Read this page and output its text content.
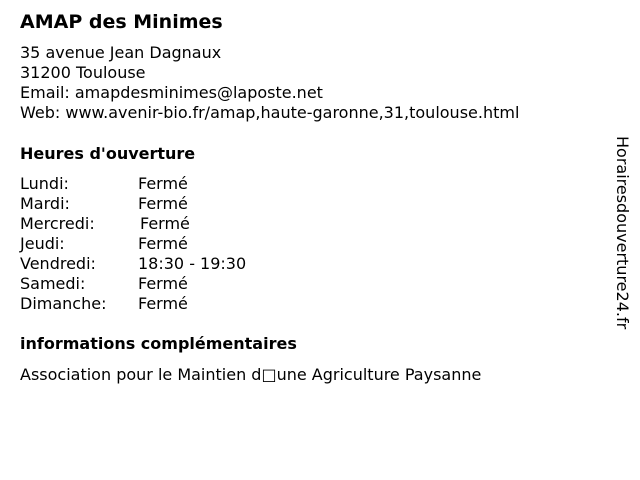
AMAP des Minimes
35 avenue Jean Dagnaux
31200 Toulouse
Email: amapdesminimes@laposte.net
Web: www.avenir-bio.fr/amap,haute-garonne,31,toulouse.html
Heures d'ouverture
Lundi:	Fermé
Mardi:	Fermé
Mercredi:	Fermé
Jeudi:	Fermé
Vendredi:	18:30 - 19:30
Samedi:	Fermé
Dimanche:	Fermé
informations complémentaires
Association pour le Maintien d□une Agriculture Paysanne
Horairesdouverture24.fr
